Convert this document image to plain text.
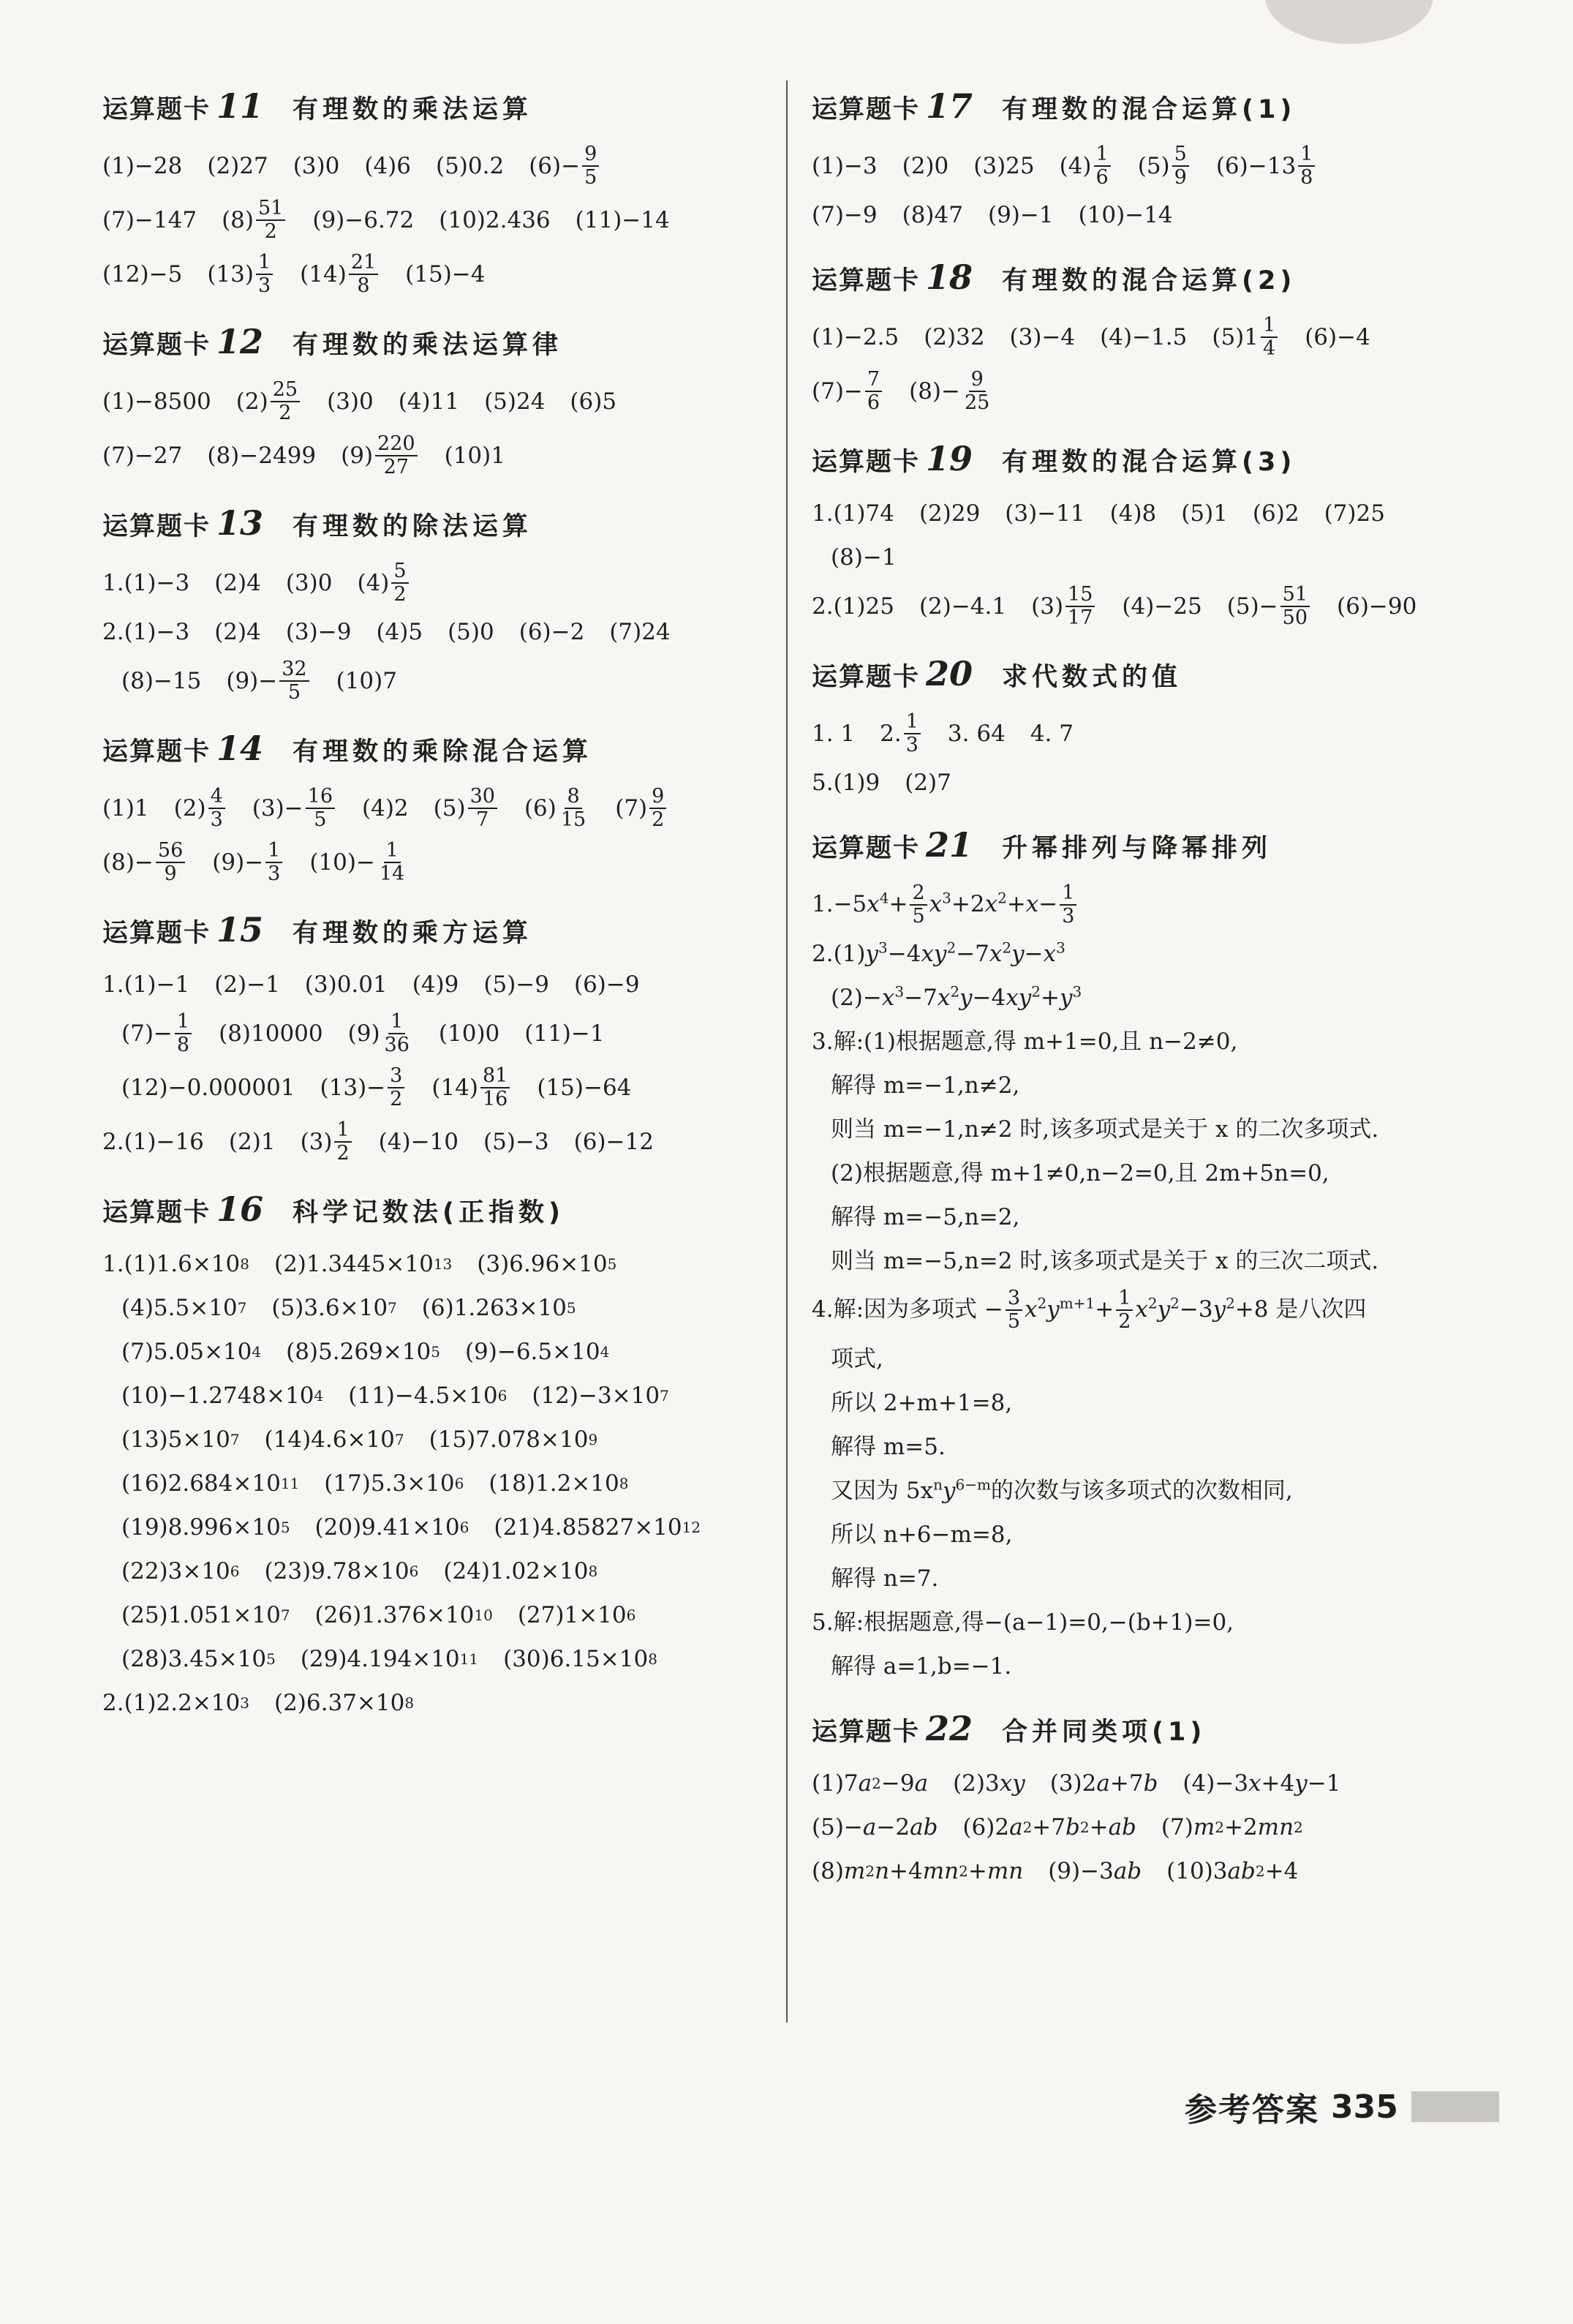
运算题卡 11 有理数的乘法运算
(1)−28 (2)27 (3)0 (4)6 (5)0.2 $(6) - \frac{9}{5}$
(7)−147 $(8) \frac{51}{2} (9)-6.72$ (10)2.436 (11)−14
(12)−5 $(13) \frac{1}{3} (14) \frac{21}{8} (15)-4$
运算题卡 12 有理数的乘法运算律
(1)−8500 $(2) \frac{25}{2} (3)0$ (4)11 (5)24 (6)5
(7)−27 (8)−2499 $(9) \frac{220}{27} (10)1$
运算题卡 13 有理数的除法运算
1.(1)−3 (2)4 (3)0 $(4) \frac{5}{2}$
2.(1)−3 (2)4 (3)−9 (4)5 (5)0 (6)−2 (7)24
(8)−15 $(9) - \frac{32}{5} (10)7$
运算题卡 14 有理数的乘除混合运算
(1)1 $(2) \frac{4}{3} (3) - \frac{16}{5} (4)2$ $(5) \frac{30}{7} (6) \frac{8}{15} (7) \frac{9}{2}$
$(8) - \frac{56}{9} (9) - \frac{1}{3} (10) - \frac{1}{14}$
运算题卡 15 有理数的乘方运算
1.(1)−1 (2)−1 (3)0.01 (4)9 (5)−9 (6)−9
$(7) - \frac{1}{8} (8)10000$ $(9) \frac{1}{36} (10)0$ (11)−1
(12)−0.000001 $(13) - \frac{3}{2} (14) \frac{81}{16} (15)-64$
2.(1)−16 (2)1 $(3) \frac{1}{2} (4)-10$ (5)−3 (6)−12
运算题卡 16 科学记数法(正指数)
1. (1) 1.6 ×10 8 (2) 1.3445 ×10 13 (3) 6.96 ×10 5
(4) 5.5 ×10 7 (5) 3.6 ×10 7 (6) 1.263 ×10 5
(7) 5.05 ×10 4 (8) 5.269 ×10 5 (9) −6.5 ×10 4
(10) −1.2748 ×10 4 (11) −4.5 ×10 6 (12) −3 ×10 7
(13) 5 ×10 7 (14) 4.6 ×10 7 (15) 7.078 ×10 9
(16)2.684 ×10 11 (17)5.3 ×10 6 (18)1.2 ×10 8
(19)8.996 ×10 5 (20)9.41 ×10 6 (21)4.85827 ×10 12
(22)3 ×10 6 (23)9.78 ×10 6 (24)1.02 ×10 8
(25)1.051 ×10 7 (26)1.376 ×10 10 (27)1 ×10 6
(28)3.45 ×10 5 (29)4.194 ×10 11 (30)6.15 ×10 8
2. (1) 2.2 ×10 3 (2) 6.37 ×10 8
运算题卡 17 有理数的混合运算(1)
(1)−3 (2)0 (3)25 $(4) \frac{1}{6} (5) \frac{5}{9} (6)-13 \frac{1}{8}$
(7)−9 (8)47 (9)−1 (10)−14
运算题卡 18 有理数的混合运算(2)
(1)−2.5 (2)32 (3)−4 (4)−1.5 (5) $1 \frac{1}{4} (6)-4$
$(7) - \frac{7}{6} (8) - \frac{9}{25}$
运算题卡 19 有理数的混合运算(3)
1.(1)74 (2)29 (3)−11 (4)8 (5)1 (6)2 (7)25
(8)−1
2.(1)25 (2)−4.1 $(3) \frac{15}{17} (4)-25$ $(5) - \frac{51}{50} (6)-90$
运算题卡 20 求代数式的值
1. 1 2. $\frac{1}{3} 3$. 64 4. 7
5.(1)9 (2)7
运算题卡 21 升幂排列与降幂排列
$1.-5x^4+ \frac{2}{5} x^3+2x^2+x- \frac{1}{3}$
$2.(1)y^3-4xy^2-7x^2y-x^3$
$(2)-x^3-7x^2y-4xy^2+y^3$
3.解:(1)根据题意,得 m+1=0,且 n−2≠0,
解得 m=−1,n≠2,
则当 m=−1,n≠2 时,该多项式是关于 x 的二次多项式.
(2)根据题意,得 m+1≠0,n−2=0,且 2m+5n=0,
解得 m=−5,n=2,
则当 m=−5,n=2 时,该多项式是关于 x 的三次二项式.
4.解:因为多项式 − $\frac{3}{5} x^2y^{m+1}+ \frac{1}{2} x^2y^2-3y^2+8$ 是八次四
项式,
所以 2+m+1=8,
解得 m=5.
又因为 $5x^ny^{6-m}$的次数与该多项式的次数相同,
所以 n+6−m=8,
解得 n=7.
5.解:根据题意,得−(a−1)=0,−(b+1)=0,
解得 a=1,b=−1.
运算题卡 22 合并同类项(1)
(1) 7 a 2 −9 a (2) 3 xy (3) 2 a +7 b (4) −3 x +4 y −1
(5) − a −2 ab (6) 2 a 2 +7 b 2 + ab (7) m 2 +2 mn 2
(8) m 2 n +4 mn 2 + mn (9) −3 ab (10) 3 ab 2 +4
参考答案 335
